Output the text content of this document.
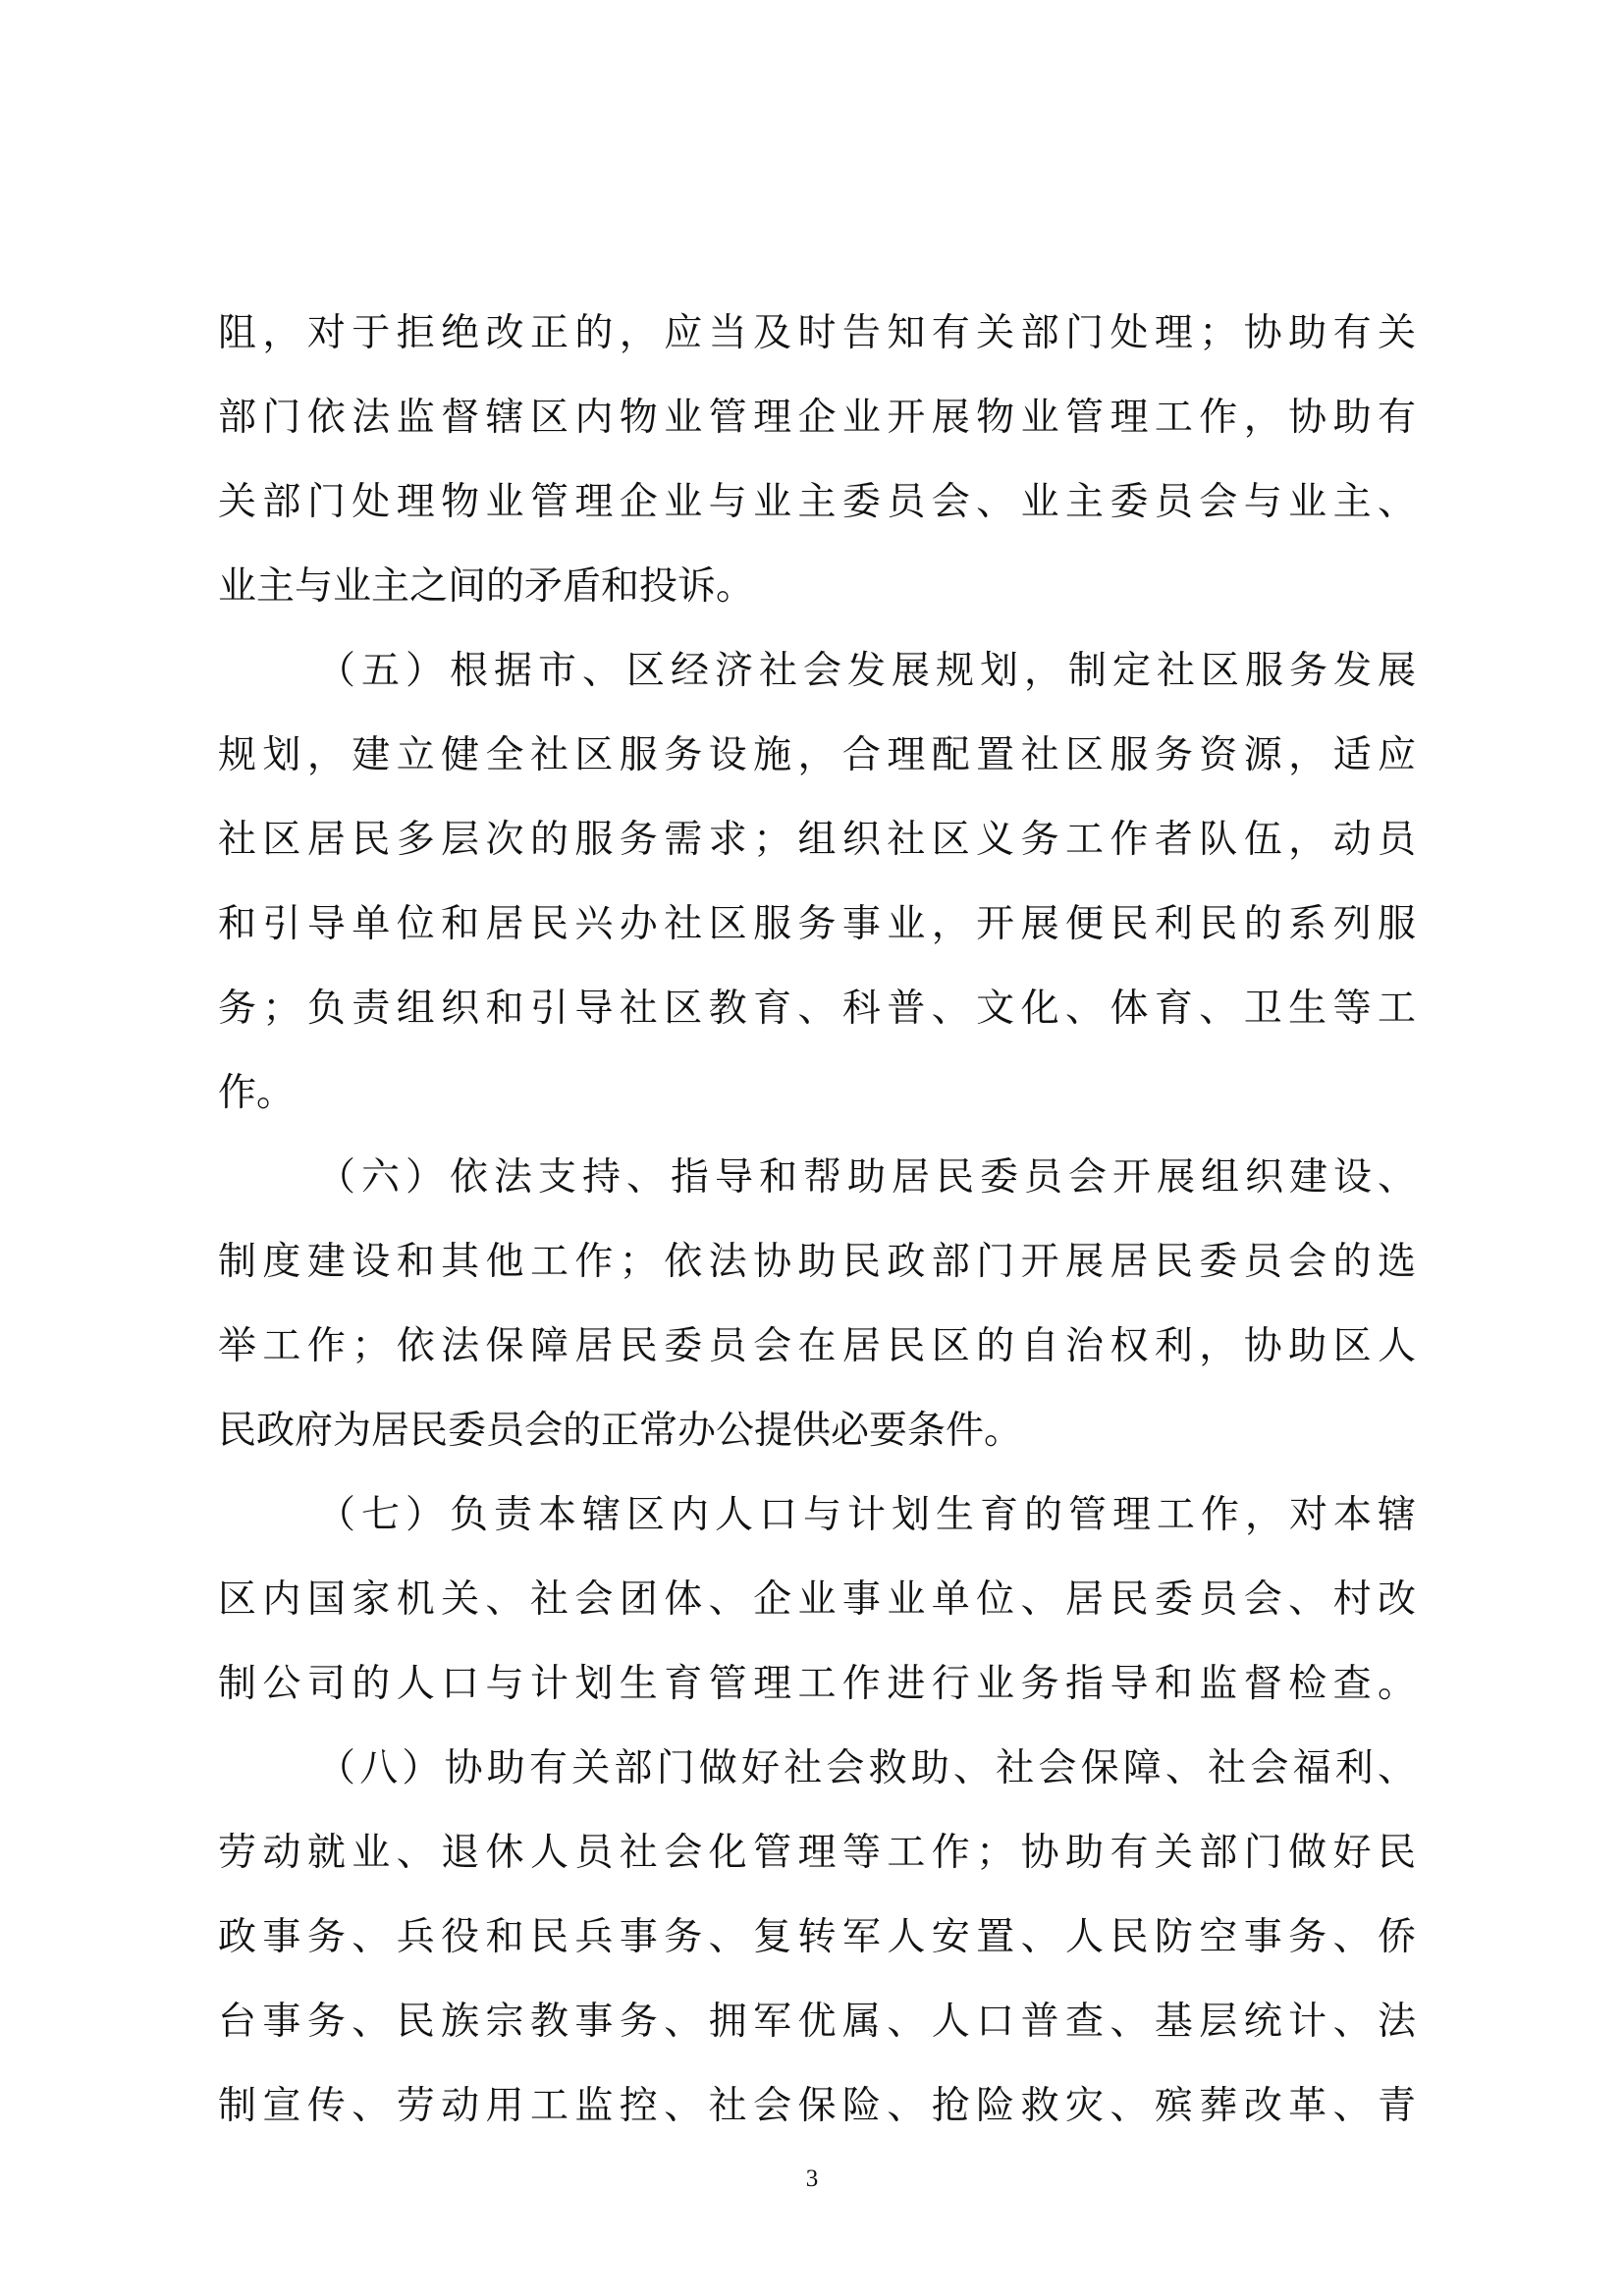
阻，对于拒绝改正的，应当及时告知有关部门处理；协助有关
部门依法监督辖区内物业管理企业开展物业管理工作，协助有
关部门处理物业管理企业与业主委员会、业主委员会与业主、
业主与业主之间的矛盾和投诉。
（五）根据市、区经济社会发展规划，制定社区服务发展
规划，建立健全社区服务设施，合理配置社区服务资源，适应
社区居民多层次的服务需求；组织社区义务工作者队伍，动员
和引导单位和居民兴办社区服务事业，开展便民利民的系列服
务；负责组织和引导社区教育、科普、文化、体育、卫生等工
作。
（六）依法支持、指导和帮助居民委员会开展组织建设、
制度建设和其他工作；依法协助民政部门开展居民委员会的选
举工作；依法保障居民委员会在居民区的自治权利，协助区人
民政府为居民委员会的正常办公提供必要条件。
（七）负责本辖区内人口与计划生育的管理工作，对本辖
区内国家机关、社会团体、企业事业单位、居民委员会、村改
制公司的人口与计划生育管理工作进行业务指导和监督检查。
（八）协助有关部门做好社会救助、社会保障、社会福利、
劳动就业、退休人员社会化管理等工作；协助有关部门做好民
政事务、兵役和民兵事务、复转军人安置、人民防空事务、侨
台事务、民族宗教事务、拥军优属、人口普查、基层统计、法
制宣传、劳动用工监控、社会保险、抢险救灾、殡葬改革、青
3
